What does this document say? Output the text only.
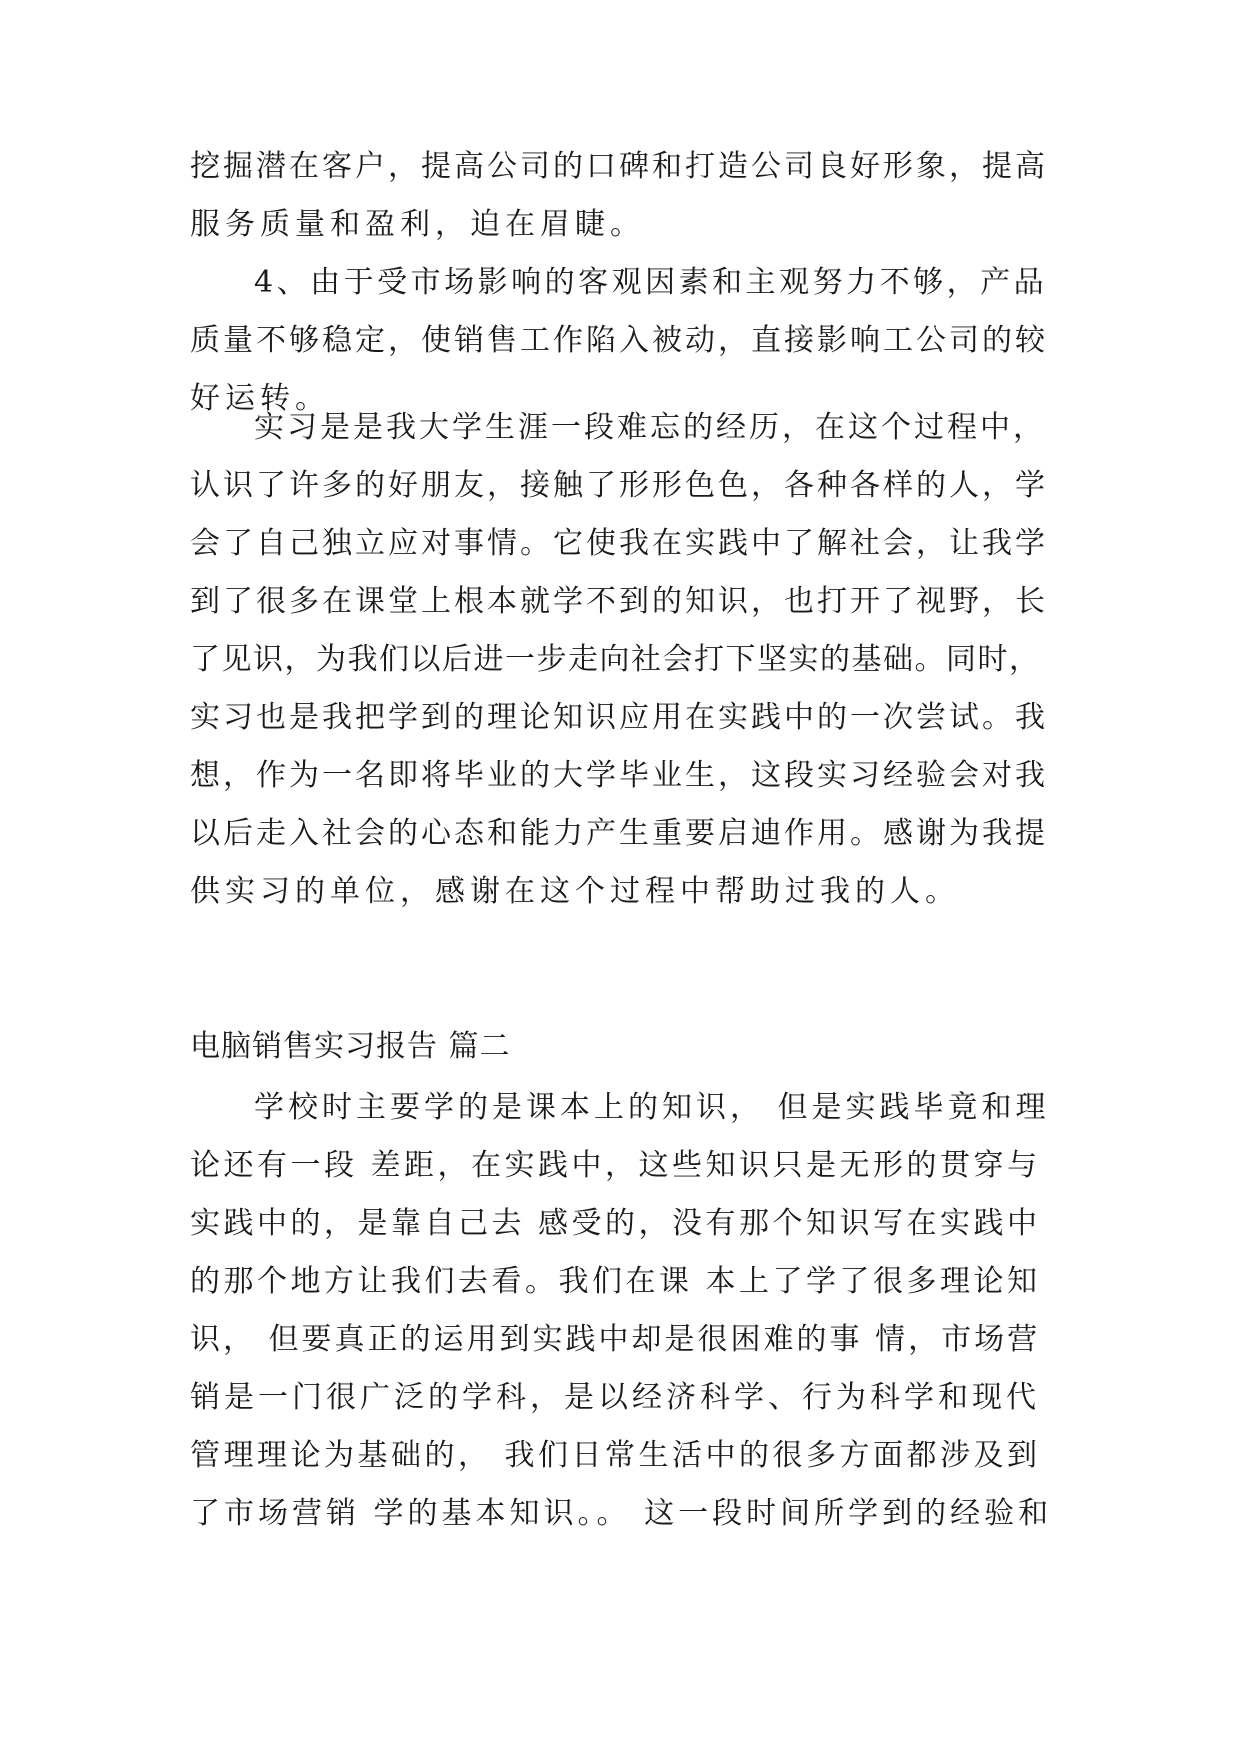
挖掘潜在客户，提高公司的口碑和打造公司良好形象，提高
服务质量和盈利，迫在眉睫。
4、由于受市场影响的客观因素和主观努力不够，产品
质量不够稳定，使销售工作陷入被动，直接影响工公司的较
好运转。
实习是是我大学生涯一段难忘的经历，在这个过程中，
认识了许多的好朋友，接触了形形色色，各种各样的人，学
会了自己独立应对事情。它使我在实践中了解社会，让我学
到了很多在课堂上根本就学不到的知识，也打开了视野，长
了见识，为我们以后进一步走向社会打下坚实的基础。同时，
实习也是我把学到的理论知识应用在实践中的一次尝试。我
想，作为一名即将毕业的大学毕业生，这段实习经验会对我
以后走入社会的心态和能力产生重要启迪作用。感谢为我提
供实习的单位，感谢在这个过程中帮助过我的人。
电脑销售实习报告 篇二
学校时主要学的是课本上的知识， 但是实践毕竟和理
论还有一段 差距，在实践中，这些知识只是无形的贯穿与
实践中的，是靠自己去 感受的，没有那个知识写在实践中
的那个地方让我们去看。我们在课 本上了学了很多理论知
识， 但要真正的运用到实践中却是很困难的事 情，市场营
销是一门很广泛的学科，是以经济科学、行为科学和现代
管理理论为基础的， 我们日常生活中的很多方面都涉及到
了市场营销 学的基本知识。。 这一段时间所学到的经验和
